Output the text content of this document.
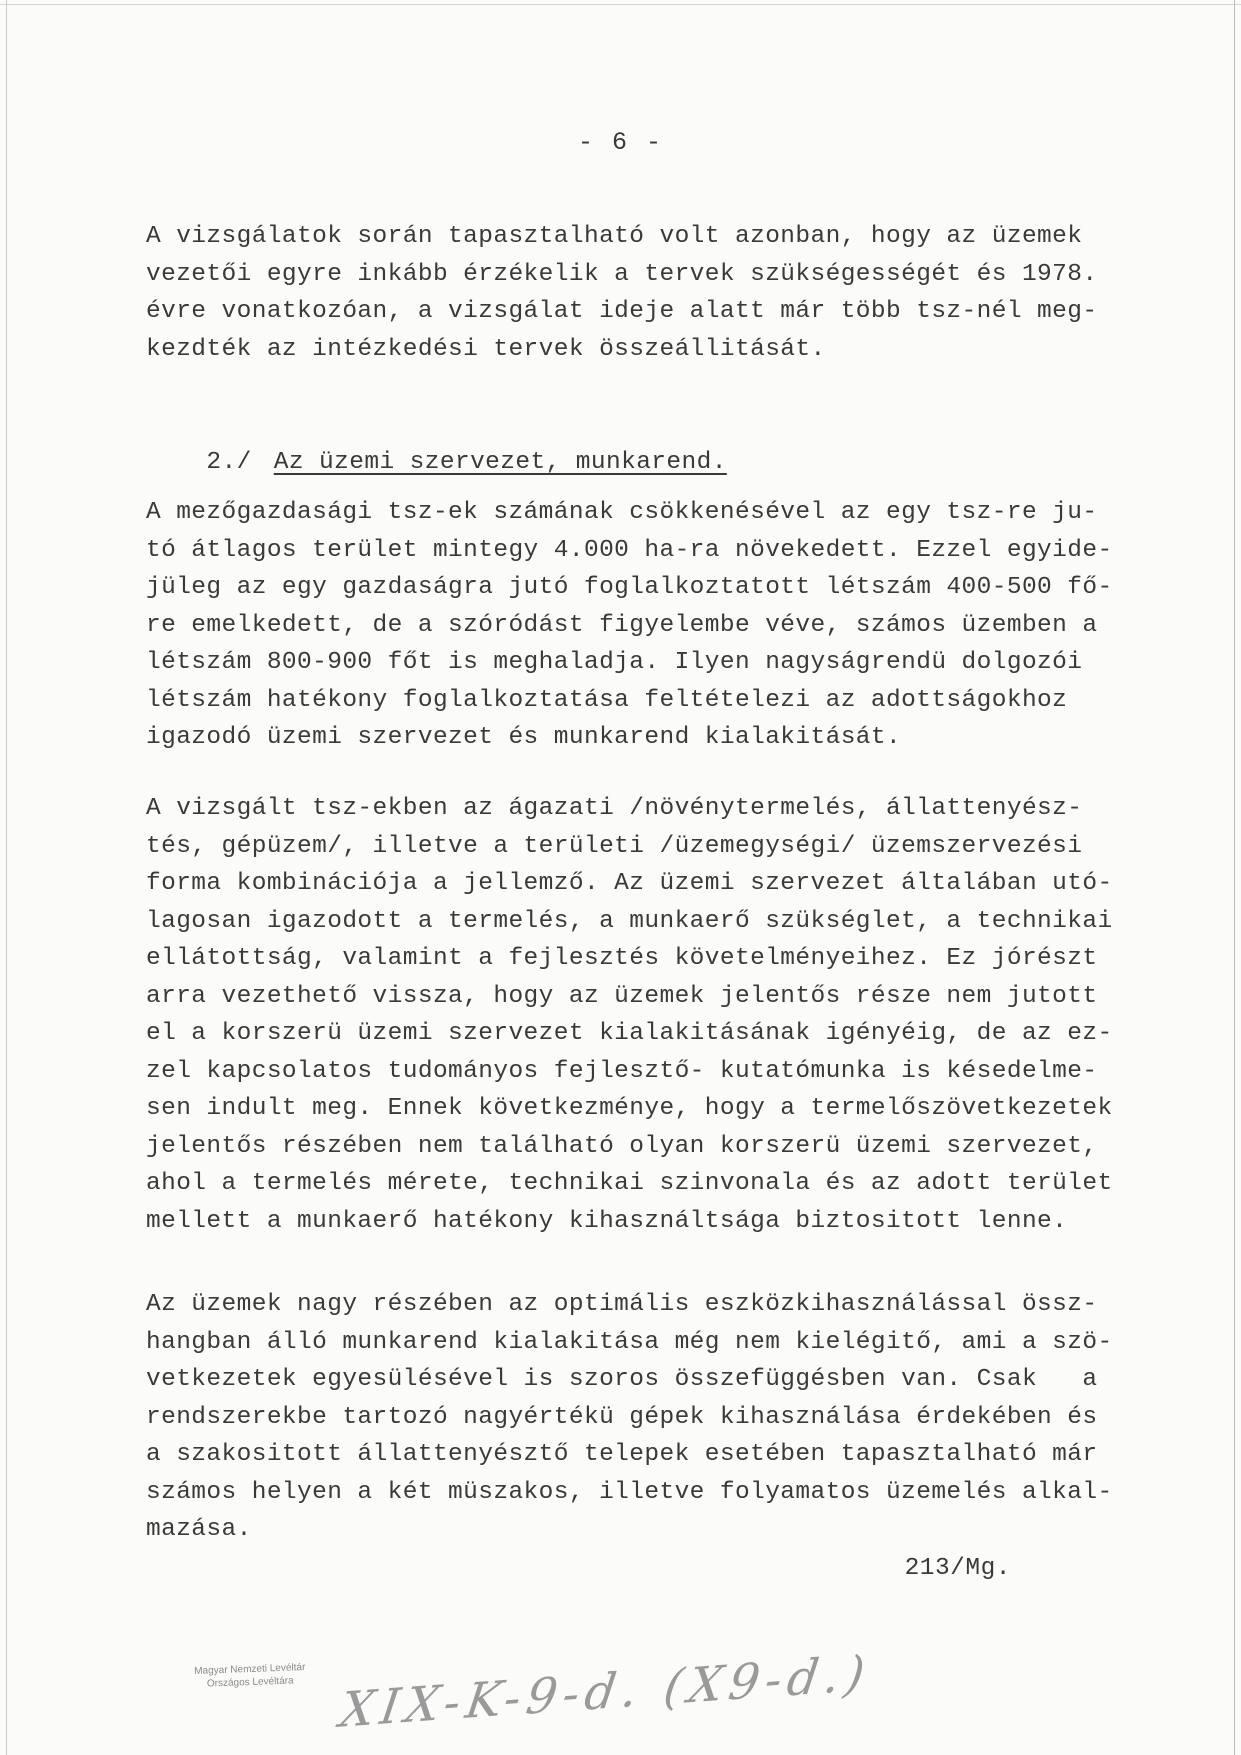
- 6 -
A vizsgálatok során tapasztalható volt azonban, hogy az üzemek
vezetői egyre inkább érzékelik a tervek szükségességét és 1978.
évre vonatkozóan, a vizsgálat ideje alatt már több tsz-nél meg-
kezdték az intézkedési tervek összeállitását.

2./ Az üzemi szervezet, munkarend.

A mezőgazdasági tsz-ek számának csökkenésével az egy tsz-re ju-
tó átlagos terület mintegy 4.000 ha-ra növekedett. Ezzel egyide-
jüleg az egy gazdaságra jutó foglalkoztatott létszám 400-500 fő-
re emelkedett, de a szóródást figyelembe véve, számos üzemben a
létszám 800-900 főt is meghaladja. Ilyen nagyságrendü dolgozói
létszám hatékony foglalkoztatása feltételezi az adottságokhoz
igazodó üzemi szervezet és munkarend kialakitását.
A vizsgált tsz-ekben az ágazati /növénytermelés, állattenyész-
tés, gépüzem/, illetve a területi /üzemegységi/ üzemszervezési
forma kombinációja a jellemző. Az üzemi szervezet általában utó-
lagosan igazodott a termelés, a munkaerő szükséglet, a technikai
ellátottság, valamint a fejlesztés követelményeihez. Ez jórészt
arra vezethető vissza, hogy az üzemek jelentős része nem jutott
el a korszerü üzemi szervezet kialakitásának igényéig, de az ez-
zel kapcsolatos tudományos fejlesztő- kutatómunka is késedelme-
sen indult meg. Ennek következménye, hogy a termelőszövetkezetek
jelentős részében nem található olyan korszerü üzemi szervezet,
ahol a termelés mérete, technikai szinvonala és az adott terület
mellett a munkaerő hatékony kihasználtsága biztositott lenne.
Az üzemek nagy részében az optimális eszközkihasználással össz-
hangban álló munkarend kialakitása még nem kielégitő, ami a szö-
vetkezetek egyesülésével is szoros összefüggésben van. Csak   a
rendszerekbe tartozó nagyértékü gépek kihasználása érdekében és
a szakositott állattenyésztő telepek esetében tapasztalható már
számos helyen a két müszakos, illetve folyamatos üzemelés alkal-
mazása.
213/Mg.
Magyar Nemzeti Levéltár
Országos Levéltára XIX-K-9-d. (X9-d.)
